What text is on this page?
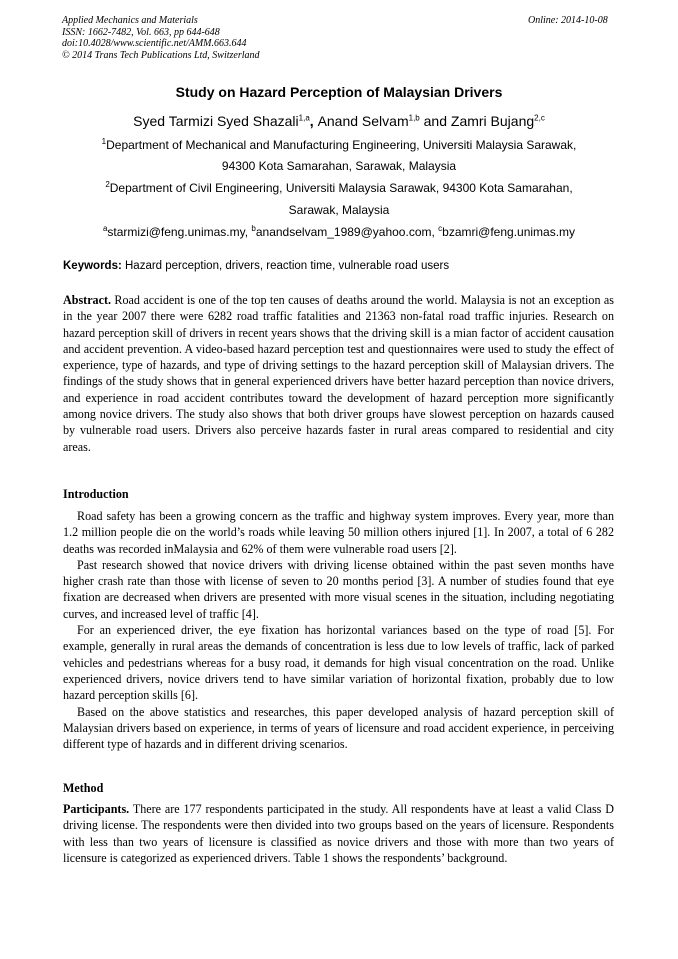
Applied Mechanics and Materials
ISSN: 1662-7482, Vol. 663, pp 644-648
doi:10.4028/www.scientific.net/AMM.663.644
© 2014 Trans Tech Publications Ltd, Switzerland
Online: 2014-10-08
Study on Hazard Perception of Malaysian Drivers
Syed Tarmizi Syed Shazali$^{1,a}$, Anand Selvam$^{1,b}$ and Zamri Bujang$^{2,c}$
$^1$Department of Mechanical and Manufacturing Engineering, Universiti Malaysia Sarawak,
94300 Kota Samarahan, Sarawak, Malaysia
$^2$Department of Civil Engineering, Universiti Malaysia Sarawak, 94300 Kota Samarahan,
Sarawak, Malaysia
$^a$starmizi@feng.unimas.my, $^b$anandselvam_1989@yahoo.com, $^c$bzamri@feng.unimas.my
Keywords: Hazard perception, drivers, reaction time, vulnerable road users

Abstract. Road accident is one of the top ten causes of deaths around the world. Malaysia is not an exception as in the year 2007 there were 6282 road traffic fatalities and 21363 non-fatal road traffic injuries. Research on hazard perception skill of drivers in recent years shows that the driving skill is a mian factor of accident causation and accident prevention. A video-based hazard perception test and questionnaires were used to study the effect of experience, type of hazards, and type of driving settings to the hazard perception skill of Malaysian drivers. The findings of the study shows that in general experienced drivers have better hazard perception than novice drivers, and experience in road accident contributes toward the development of hazard perception more significantly among novice drivers. The study also shows that both driver groups have slowest perception on hazards caused by vulnerable road users. Drivers also perceive hazards faster in rural areas compared to residential and city areas.

Introduction

Road safety has been a growing concern as the traffic and highway system improves. Every year, more than 1.2 million people die on the world’s roads while leaving 50 million others injured [1]. In 2007, a total of 6 282 deaths was recorded inMalaysia and 62% of them were vulnerable road users [2].

Past research showed that novice drivers with driving license obtained within the past seven months have higher crash rate than those with license of seven to 20 months period [3]. A number of studies found that eye fixation are decreased when drivers are presented with more visual scenes in the situation, including negotiating curves, and increased level of traffic [4].

For an experienced driver, the eye fixation has horizontal variances based on the type of road [5]. For example, generally in rural areas the demands of concentration is less due to low levels of traffic, lack of parked vehicles and pedestrians whereas for a busy road, it demands for high visual concentration on the road. Unlike experienced drivers, novice drivers tend to have similar variation of horizontal fixation, probably due to low hazard perception skills [6].

Based on the above statistics and researches, this paper developed analysis of hazard perception skill of Malaysian drivers based on experience, in terms of years of licensure and road accident experience, in perceiving different type of hazards and in different driving scenarios.

Method

Participants. There are 177 respondents participated in the study. All respondents have at least a valid Class D driving license. The respondents were then divided into two groups based on the years of licensure. Respondents with less than two years of licensure is classified as novice drivers and those with more than two years of licensure is categorized as experienced drivers. Table 1 shows the respondents’ background.
